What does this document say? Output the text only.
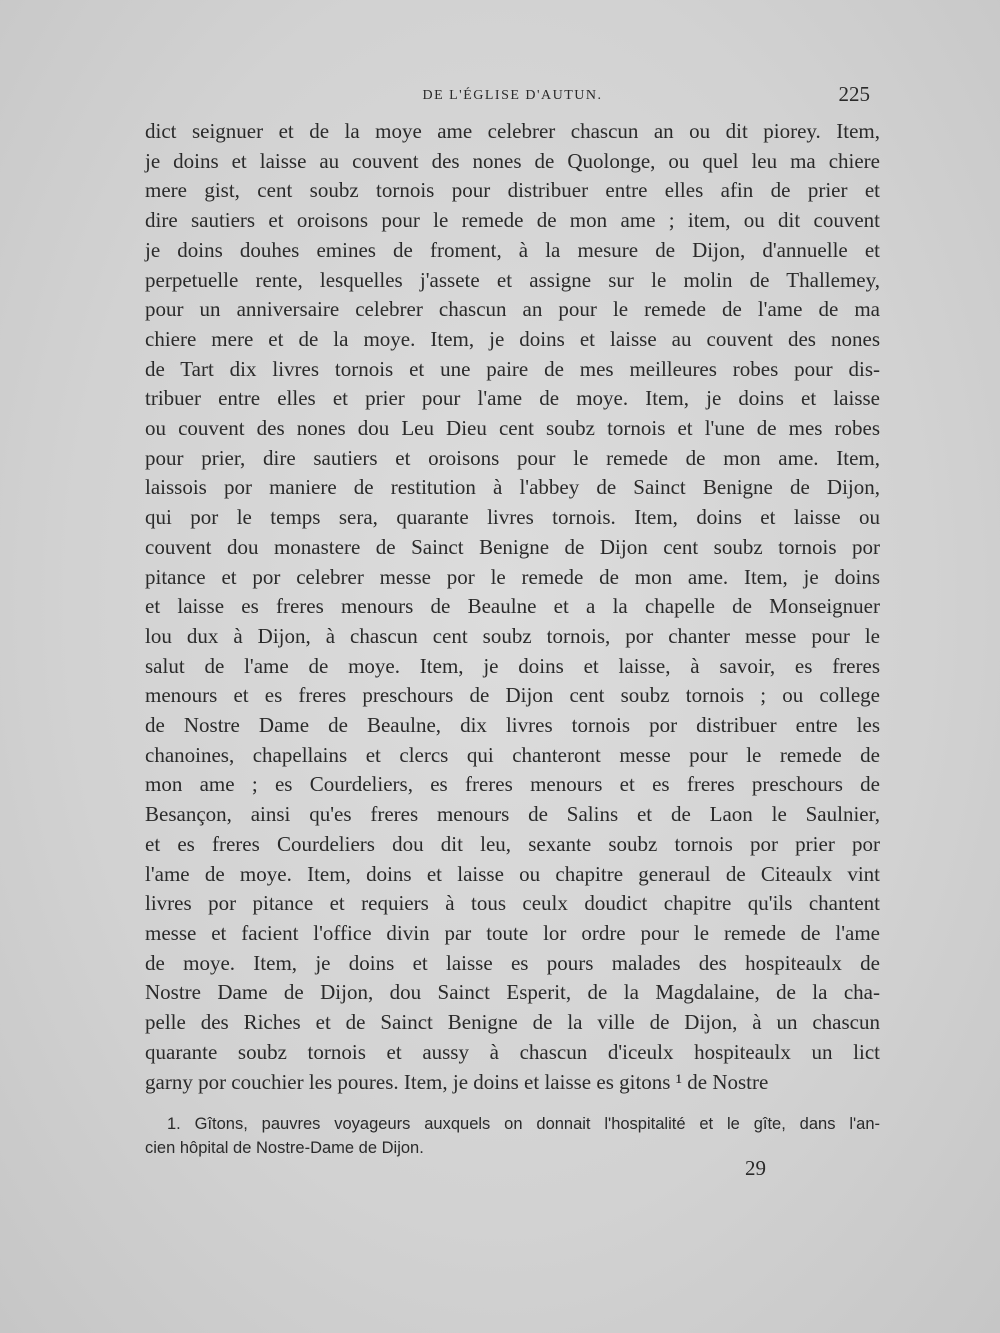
DE L'ÉGLISE D'AUTUN.	225
dict seignuer et de la moye ame celebrer chascun an ou dit piorey. Item,
je doins et laisse au couvent des nones de Quolonge, ou quel leu ma chiere
mere gist, cent soubz tornois pour distribuer entre elles afin de prier et
dire sautiers et oroisons pour le remede de mon ame ; item, ou dit couvent
je doins douhes emines de froment, à la mesure de Dijon, d'annuelle et
perpetuelle rente, lesquelles j'assete et assigne sur le molin de Thallemey,
pour un anniversaire celebrer chascun an pour le remede de l'ame de ma
chiere mere et de la moye. Item, je doins et laisse au couvent des nones
de Tart dix livres tornois et une paire de mes meilleures robes pour dis-
tribuer entre elles et prier pour l'ame de moye. Item, je doins et laisse
ou couvent des nones dou Leu Dieu cent soubz tornois et l'une de mes robes
pour prier, dire sautiers et oroisons pour le remede de mon ame. Item,
laissois por maniere de restitution à l'abbey de Sainct Benigne de Dijon,
qui por le temps sera, quarante livres tornois. Item, doins et laisse ou
couvent dou monastere de Sainct Benigne de Dijon cent soubz tornois por
pitance et por celebrer messe por le remede de mon ame. Item, je doins
et laisse es freres menours de Beaulne et a la chapelle de Monseignuer
lou dux à Dijon, à chascun cent soubz tornois, por chanter messe pour le
salut de l'ame de moye. Item, je doins et laisse, à savoir, es freres
menours et es freres preschours de Dijon cent soubz tornois ; ou college
de Nostre Dame de Beaulne, dix livres tornois por distribuer entre les
chanoines, chapellains et clercs qui chanteront messe pour le remede de
mon ame ; es Courdeliers, es freres menours et es freres preschours de
Besançon, ainsi qu'es freres menours de Salins et de Laon le Saulnier,
et es freres Courdeliers dou dit leu, sexante soubz tornois por prier por
l'ame de moye. Item, doins et laisse ou chapitre generaul de Citeaulx vint
livres por pitance et requiers à tous ceulx doudict chapitre qu'ils chantent
messe et facient l'office divin par toute lor ordre pour le remede de l'ame
de moye. Item, je doins et laisse es pours malades des hospiteaulx de
Nostre Dame de Dijon, dou Sainct Esperit, de la Magdalaine, de la cha-
pelle des Riches et de Sainct Benigne de la ville de Dijon, à un chascun
quarante soubz tornois et aussy à chascun d'iceulx hospiteaulx un lict
garny por couchier les poures. Item, je doins et laisse es gitons ¹ de Nostre
1. Gîtons, pauvres voyageurs auxquels on donnait l'hospitalité et le gîte, dans l'an-
cien hôpital de Nostre-Dame de Dijon.
29
